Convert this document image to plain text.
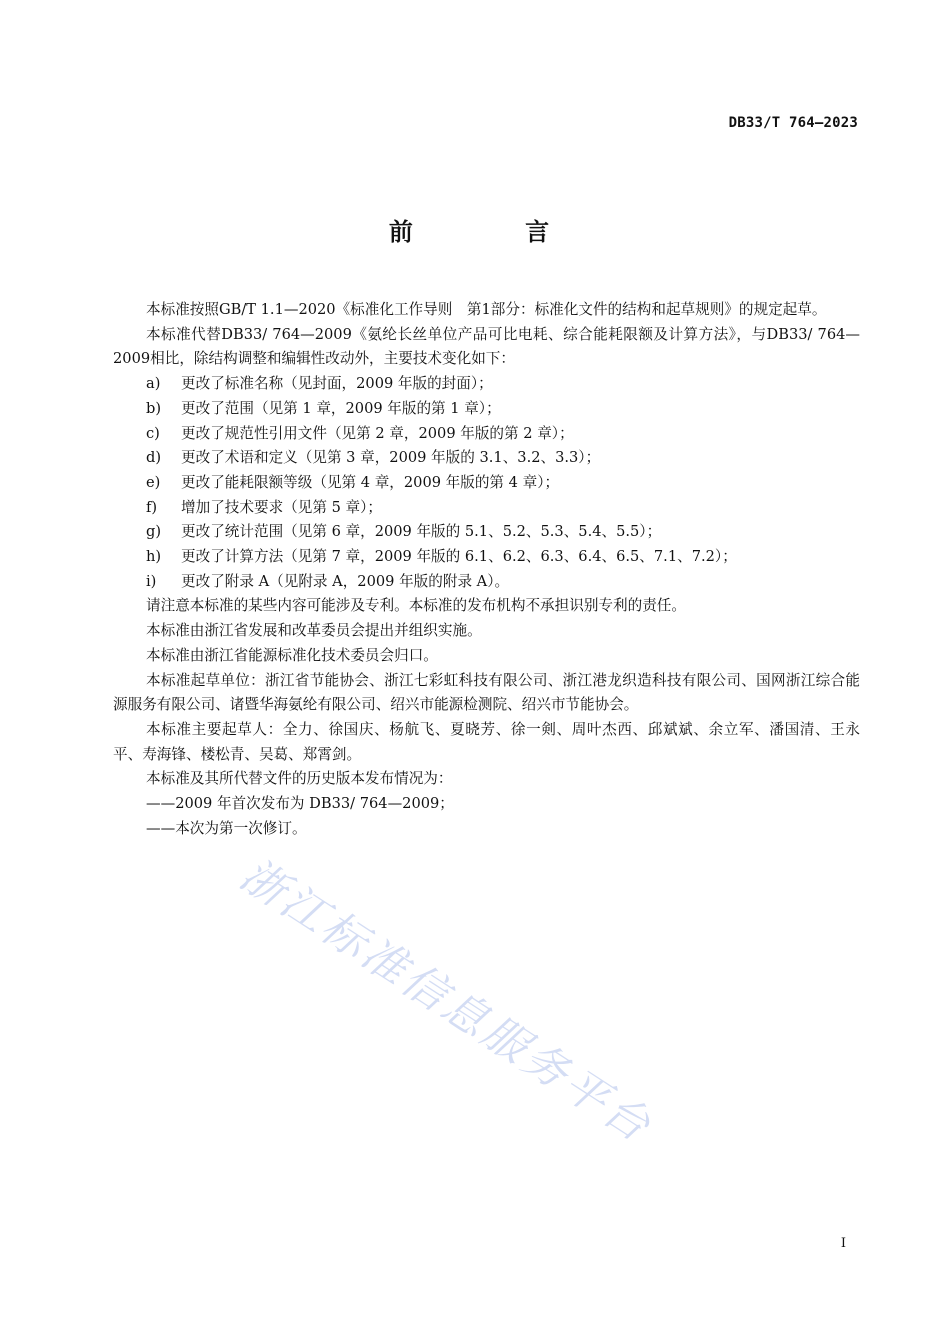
DB33/T 764—2023
前 言

本标准按照GB/T 1.1—2020《标准化工作导则　第1部分：标准化文件的结构和起草规则》的规定起草。

本标准代替DB33/ 764—2009《氨纶长丝单位产品可比电耗、综合能耗限额及计算方法》，与DB33/ 764—2009相比，除结构调整和编辑性改动外，主要技术变化如下：

a)	更改了标准名称（见封面，2009 年版的封面）；
b)	更改了范围（见第 1 章，2009 年版的第 1 章）；
c)	更改了规范性引用文件（见第 2 章，2009 年版的第 2 章）；
d)	更改了术语和定义（见第 3 章，2009 年版的 3.1、3.2、3.3）；
e)	更改了能耗限额等级（见第 4 章，2009 年版的第 4 章）；
f)	增加了技术要求（见第 5 章）；
g)	更改了统计范围（见第 6 章，2009 年版的 5.1、5.2、5.3、5.4、5.5）；
h)	更改了计算方法（见第 7 章，2009 年版的 6.1、6.2、6.3、6.4、6.5、7.1、7.2）；
i)	更改了附录 A（见附录 A，2009 年版的附录 A）。

请注意本标准的某些内容可能涉及专利。本标准的发布机构不承担识别专利的责任。

本标准由浙江省发展和改革委员会提出并组织实施。

本标准由浙江省能源标准化技术委员会归口。

本标准起草单位：浙江省节能协会、浙江七彩虹科技有限公司、浙江港龙织造科技有限公司、国网浙江综合能源服务有限公司、诸暨华海氨纶有限公司、绍兴市能源检测院、绍兴市节能协会。

本标准主要起草人：全力、徐国庆、杨航飞、夏晓芳、徐一剣、周叶杰西、邱斌斌、余立军、潘国清、王永平、寿海锋、楼松青、吴葛、郑霄剑。

本标准及其所代替文件的历史版本发布情况为：

——2009 年首次发布为 DB33/ 764—2009；

——本次为第一次修订。

浙江标准信息服务平台
I
